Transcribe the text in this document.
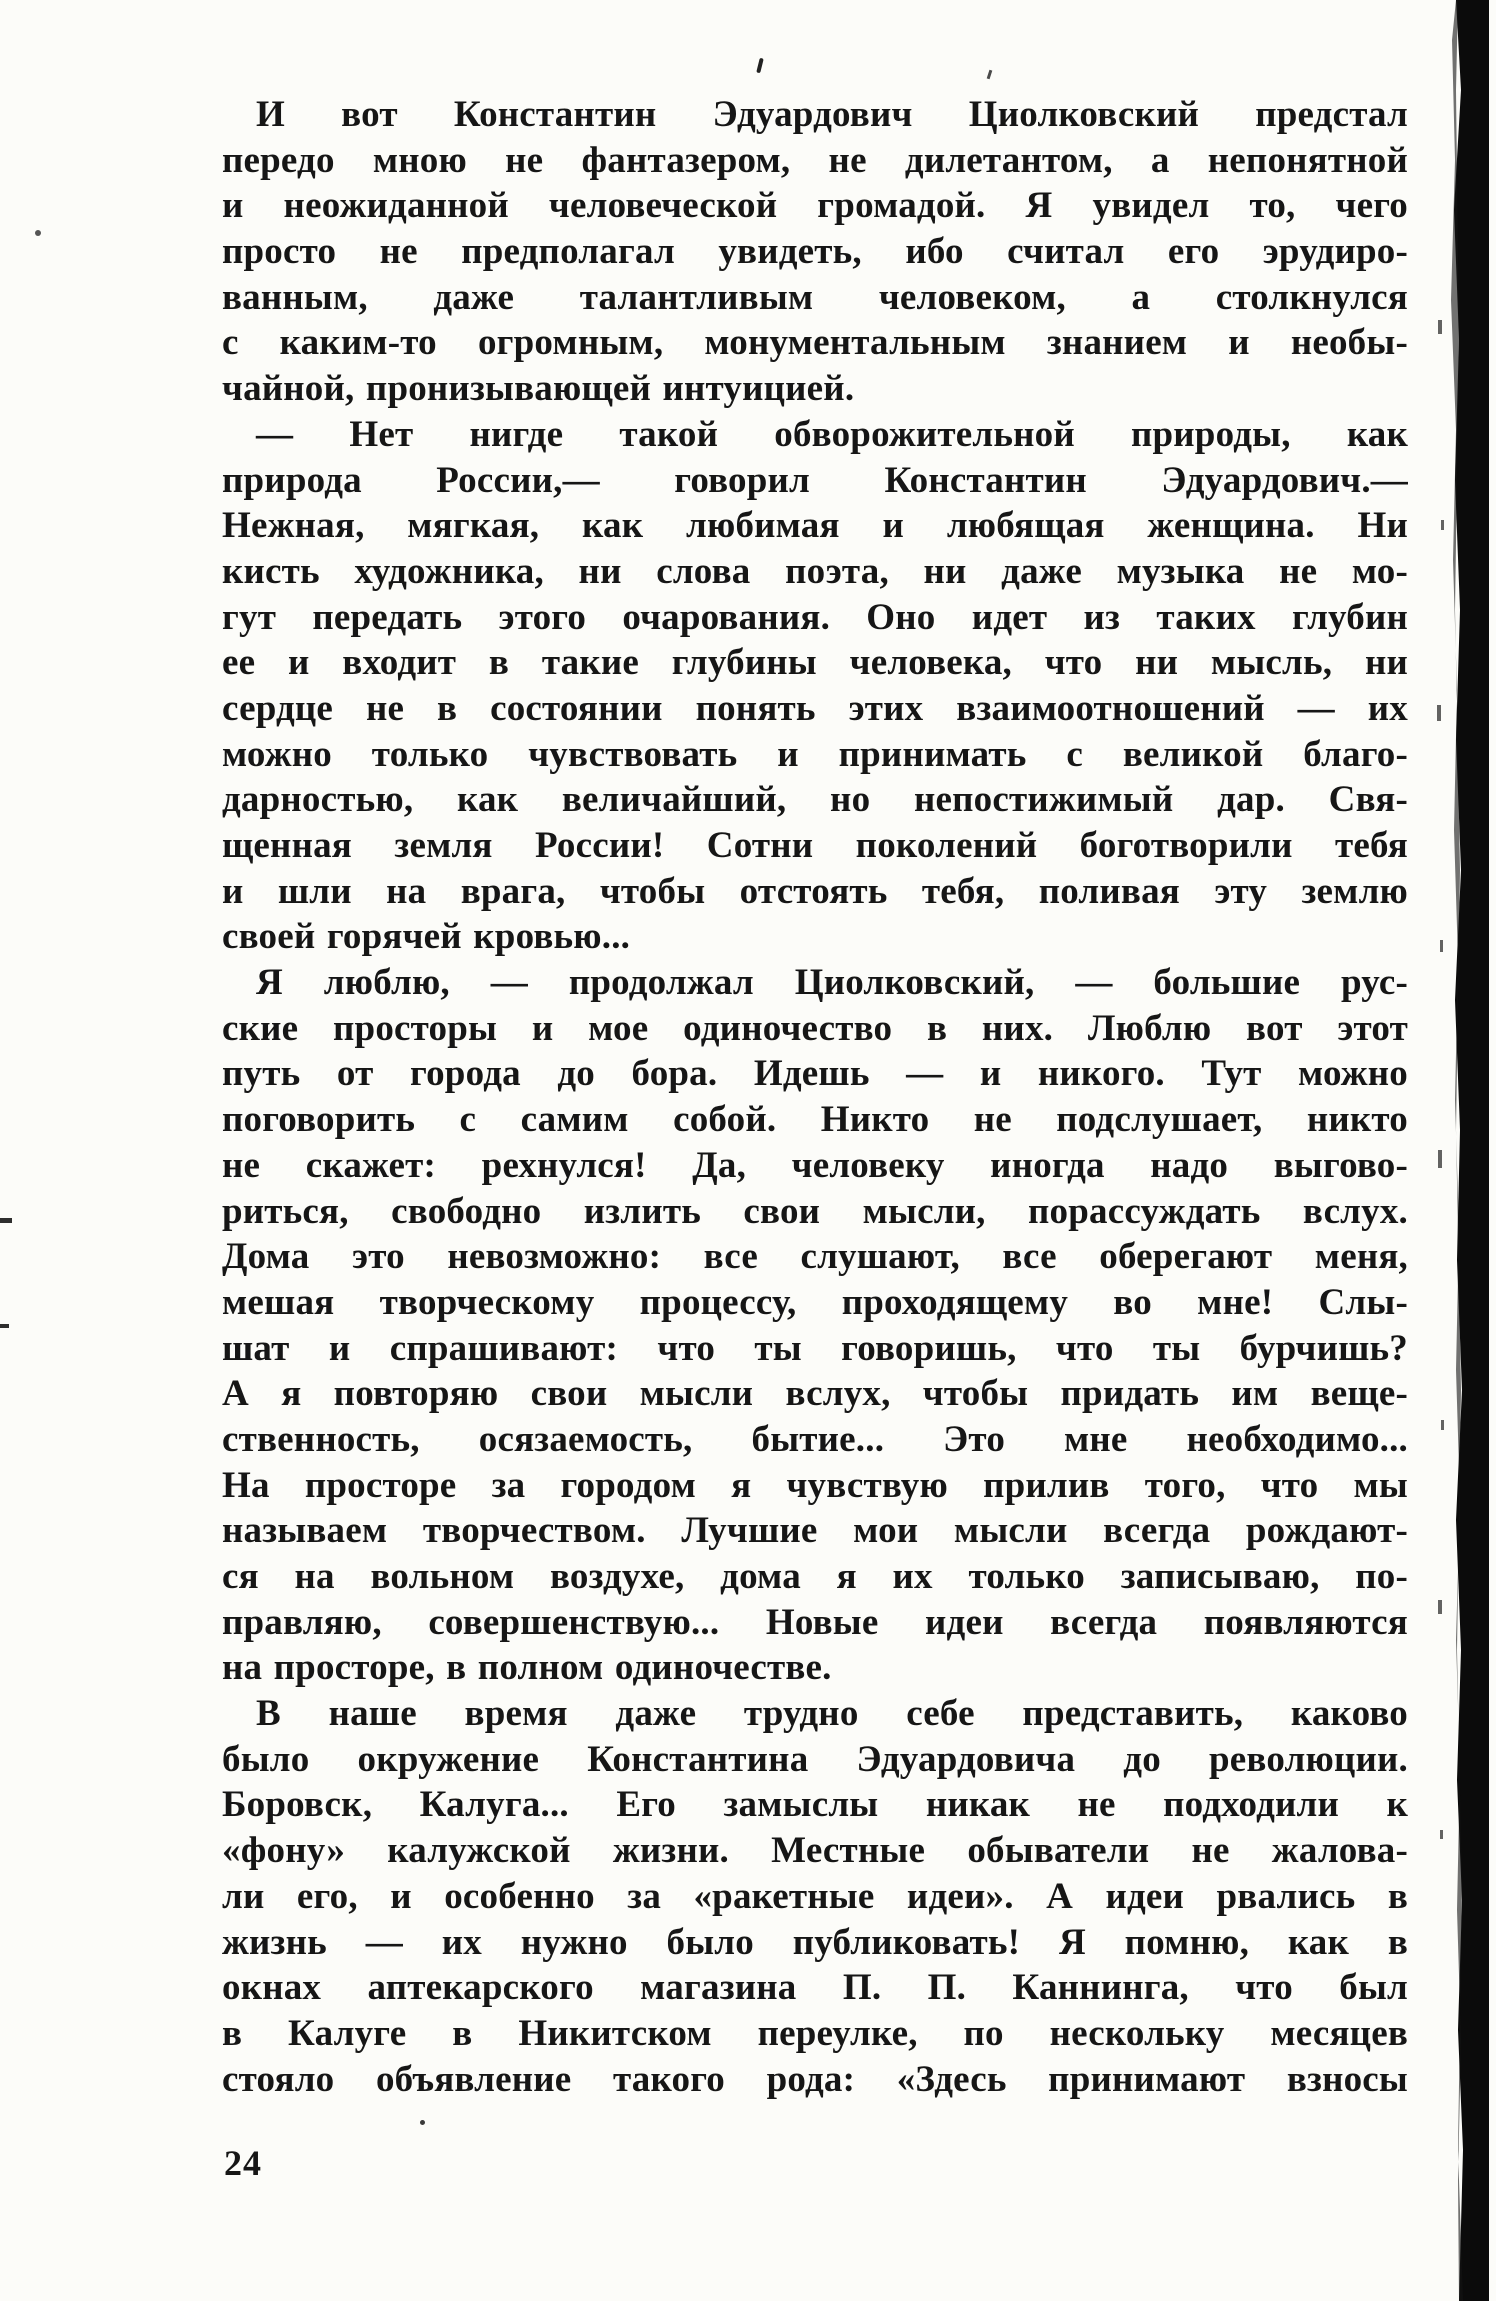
И вот Константин Эдуардович Циолковский предстал
передо мною не фантазером, не дилетантом, а непонятной
и неожиданной человеческой громадой. Я увидел то, чего
просто не предполагал увидеть, ибо считал его эрудиро-
ванным, даже талантливым человеком, а столкнулся
с каким-то огромным, монументальным знанием и необы-
чайной, пронизывающей интуицией.
— Нет нигде такой обворожительной природы, как
природа России,— говорил Константин Эдуардович.—
Нежная, мягкая, как любимая и любящая женщина. Ни
кисть художника, ни слова поэта, ни даже музыка не мо-
гут передать этого очарования. Оно идет из таких глубин
ее и входит в такие глубины человека, что ни мысль, ни
сердце не в состоянии понять этих взаимоотношений — их
можно только чувствовать и принимать с великой благо-
дарностью, как величайший, но непостижимый дар. Свя-
щенная земля России! Сотни поколений боготворили тебя
и шли на врага, чтобы отстоять тебя, поливая эту землю
своей горячей кровью...
Я люблю, — продолжал Циолковский, — большие рус-
ские просторы и мое одиночество в них. Люблю вот этот
путь от города до бора. Идешь — и никого. Тут можно
поговорить с самим собой. Никто не подслушает, никто
не скажет: рехнулся! Да, человеку иногда надо выгово-
риться, свободно излить свои мысли, порассуждать вслух.
Дома это невозможно: все слушают, все оберегают меня,
мешая творческому процессу, проходящему во мне! Слы-
шат и спрашивают: что ты говоришь, что ты бурчишь?
А я повторяю свои мысли вслух, чтобы придать им веще-
ственность, осязаемость, бытие... Это мне необходимо...
На просторе за городом я чувствую прилив того, что мы
называем творчеством. Лучшие мои мысли всегда рождают-
ся на вольном воздухе, дома я их только записываю, по-
правляю, совершенствую... Новые идеи всегда появляются
на просторе, в полном одиночестве.
В наше время даже трудно себе представить, каково
было окружение Константина Эдуардовича до революции.
Боровск, Калуга... Его замыслы никак не подходили к
«фону» калужской жизни. Местные обыватели не жалова-
ли его, и особенно за «ракетные идеи». А идеи рвались в
жизнь — их нужно было публиковать! Я помню, как в
окнах аптекарского магазина П. П. Каннинга, что был
в Калуге в Никитском переулке, по нескольку месяцев
стояло объявление такого рода: «Здесь принимают взносы
24
